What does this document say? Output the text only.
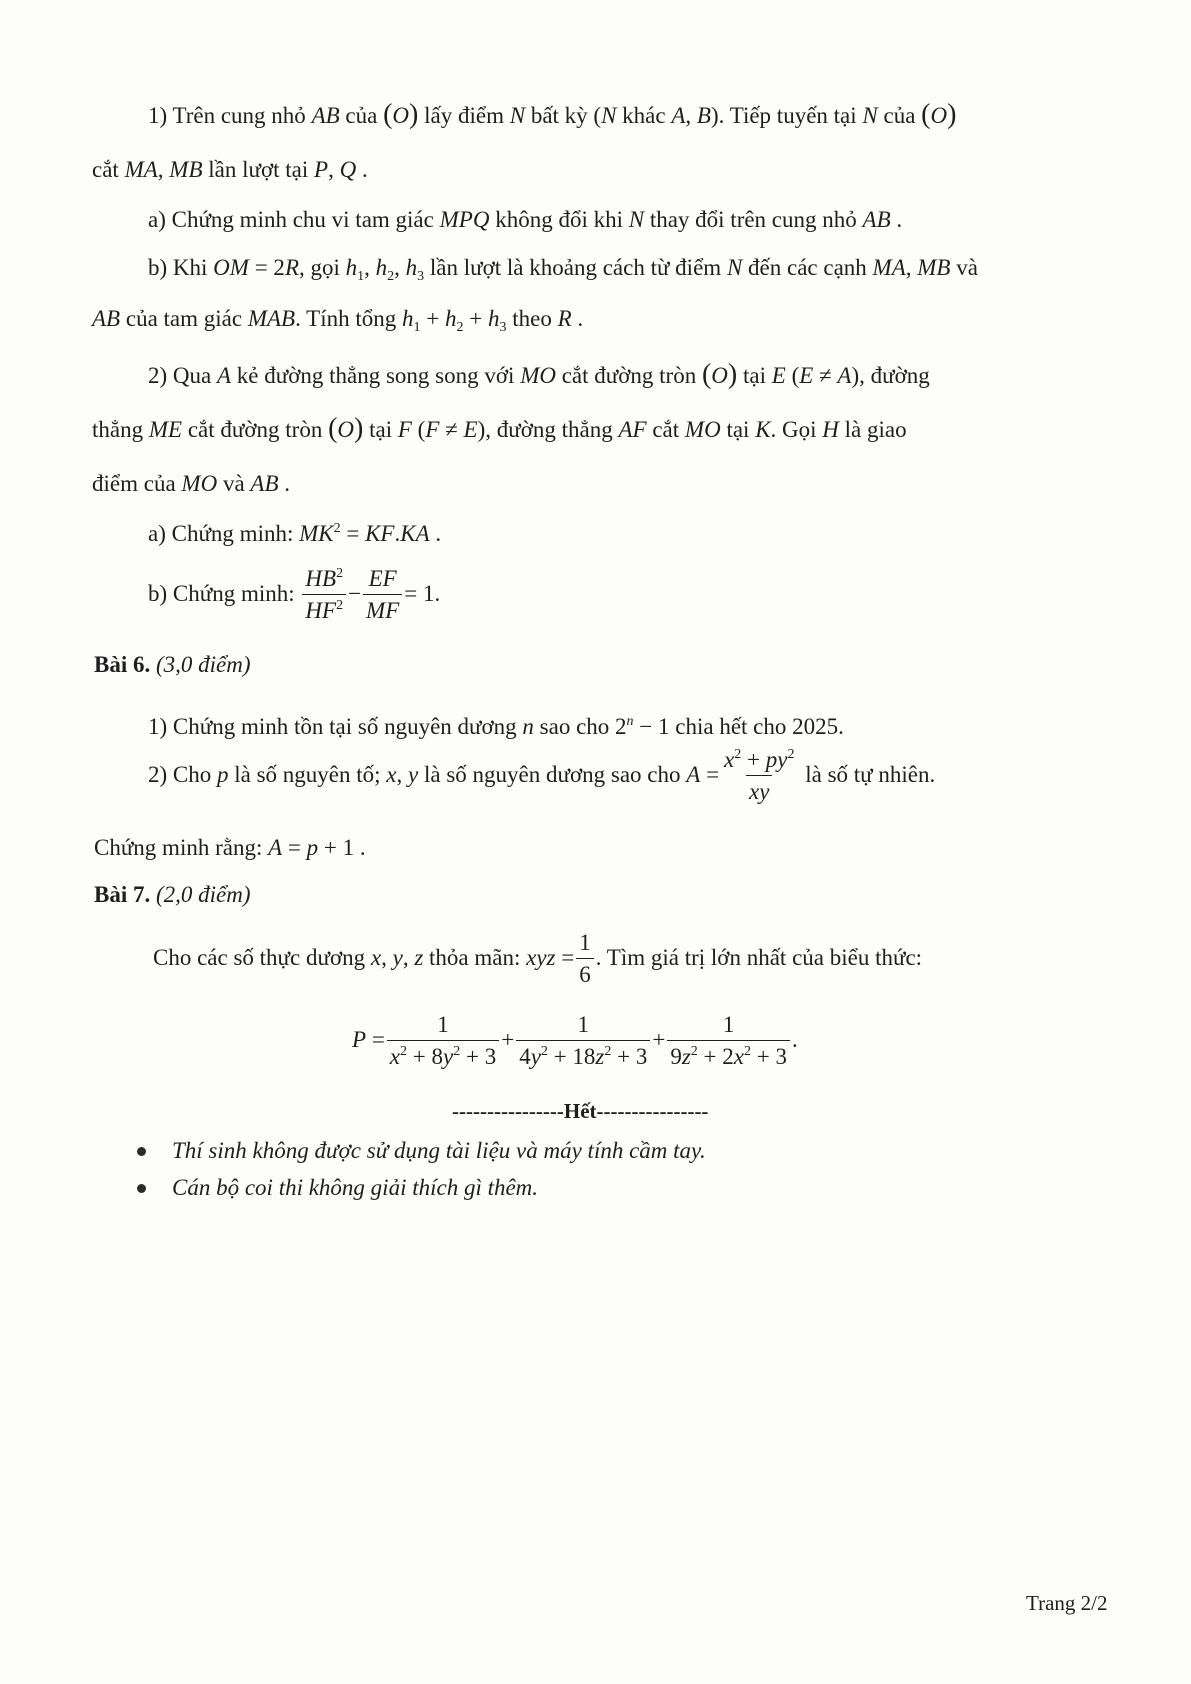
1) Trên cung nhỏ AB của (O) lấy điểm N bất kỳ (N khác A, B). Tiếp tuyến tại N của (O)
cắt MA, MB lần lượt tại P, Q .
a) Chứng minh chu vi tam giác MPQ không đổi khi N thay đổi trên cung nhỏ AB .
b) Khi OM = 2R, gọi $h_1$, $h_2$, $h_3$ lần lượt là khoảng cách từ điểm N đến các cạnh MA, MB và
AB của tam giác MAB. Tính tổng $h_1 + h_2 + h_3$ theo R .
2) Qua A kẻ đường thẳng song song với MO cắt đường tròn (O) tại E (E ≠ A), đường
thẳng ME cắt đường tròn (O) tại F (F ≠ E), đường thẳng AF cắt MO tại K. Gọi H là giao
điểm của MO và AB .
a) Chứng minh: $MK^2 = KF.KA$ .
b) Chứng minh: $\frac{HB^2}{HF^2} - \frac{EF}{MF} = 1$.
Bài 6. (3,0 điểm)
1) Chứng minh tồn tại số nguyên dương n sao cho $2^n - 1$ chia hết cho 2025.
2) Cho p là số nguyên tố; x, y là số nguyên dương sao cho $A = \frac{x^2 + py^2}{xy}$ là số tự nhiên.
Chứng minh rằng: A = p + 1 .
Bài 7. (2,0 điểm)
Cho các số thực dương x, y, z thỏa mãn: xyz = $\frac{1}{6}$ . Tìm giá trị lớn nhất của biểu thức:
$P = \frac{1}{x^2 + 8y^2 + 3} + \frac{1}{4y^2 + 18z^2 + 3} + \frac{1}{9z^2 + 2x^2 + 3}$ .
----------------Hết----------------
Thí sinh không được sử dụng tài liệu và máy tính cầm tay.
Cán bộ coi thi không giải thích gì thêm.
Trang 2/2
